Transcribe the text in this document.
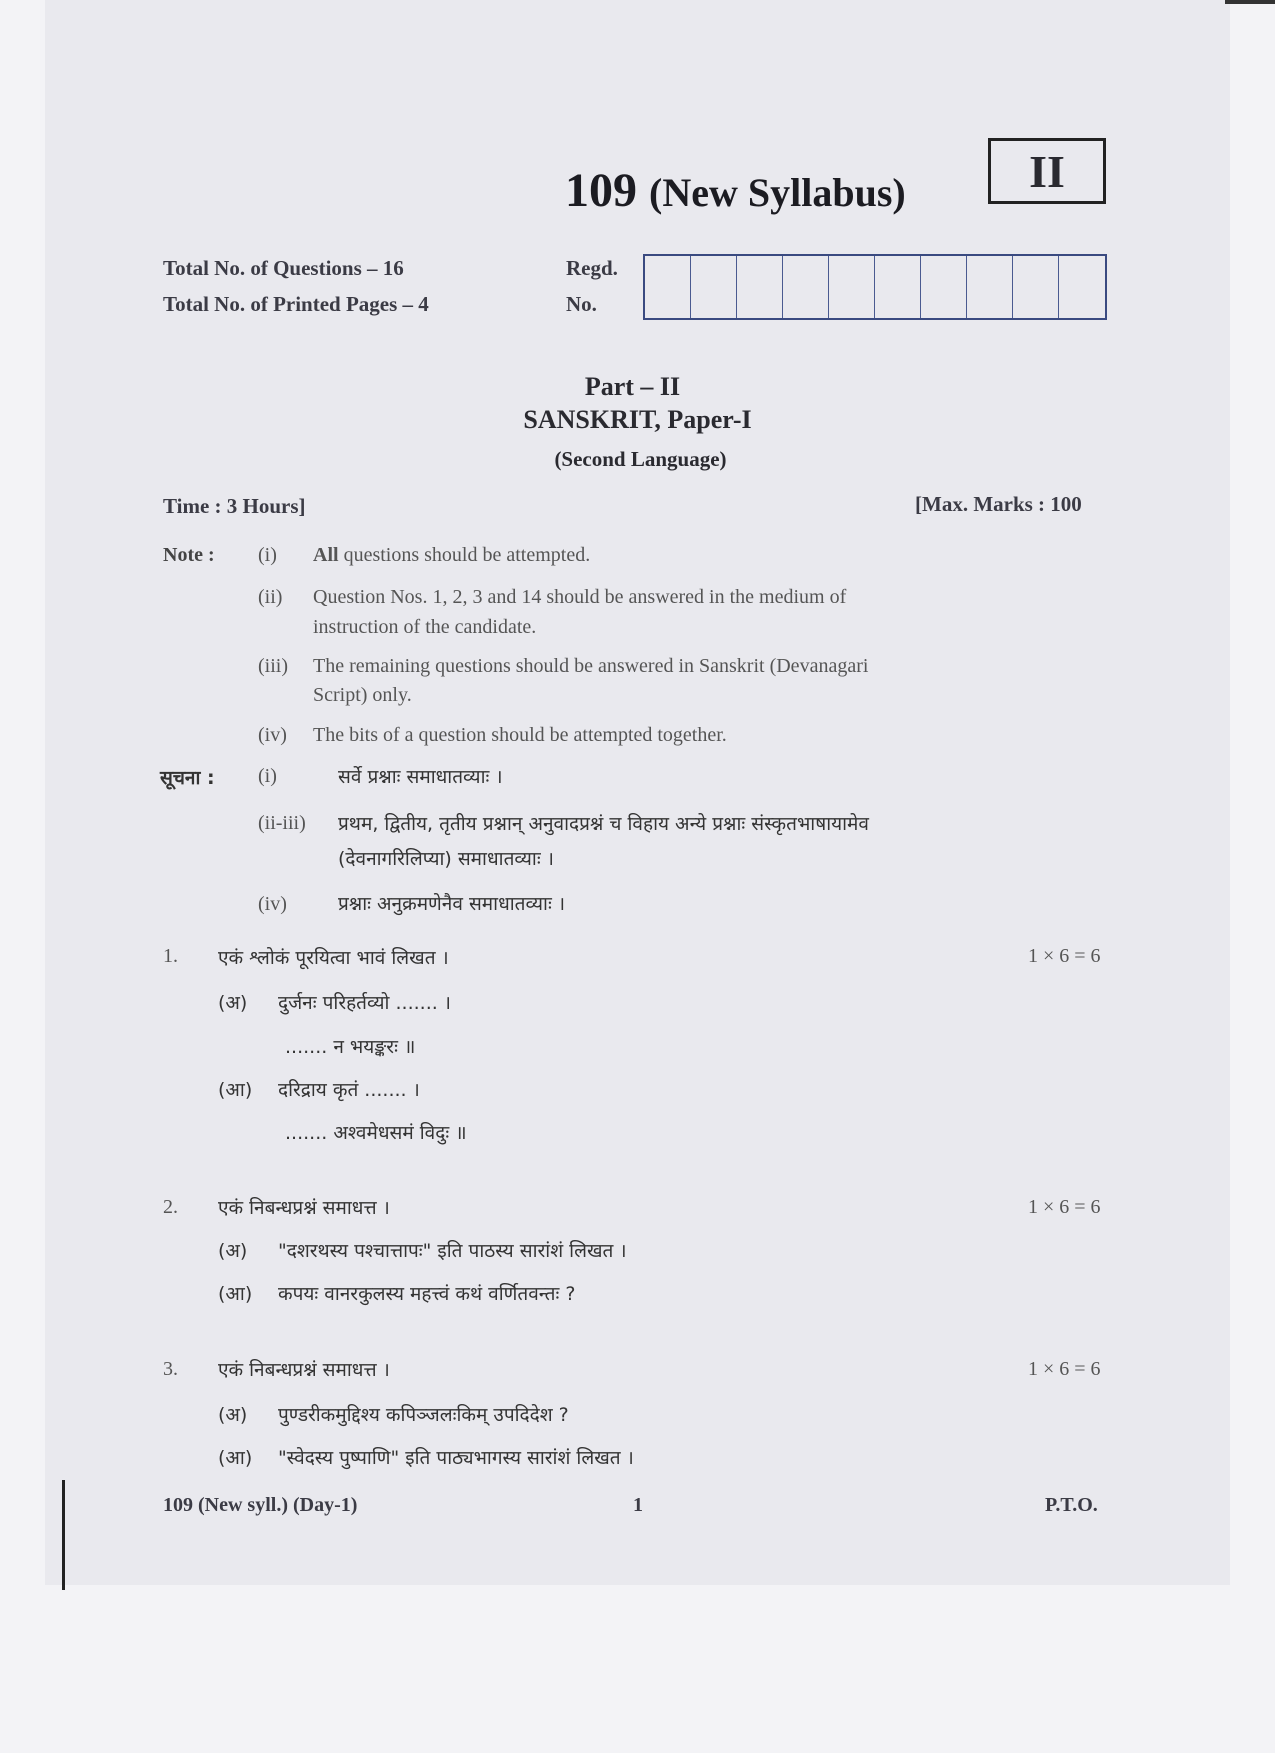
109 (New Syllabus)	II
Total No. of Questions – 16
Total No. of Printed Pages – 4
Regd.
No.
Part – II
SANSKRIT, Paper-I
(Second Language)
Time : 3 Hours]	[Max. Marks : 100
Note : (i) All questions should be attempted.
(ii) Question Nos. 1, 2, 3 and 14 should be answered in the medium of
instruction of the candidate.
(iii) The remaining questions should be answered in Sanskrit (Devanagari
Script) only.
(iv) The bits of a question should be attempted together.
सूचना : (i)	सर्वे प्रश्नाः समाधातव्याः ।
(ii-iii) प्रथम, द्वितीय, तृतीय प्रश्नान् अनुवादप्रश्नं च विहाय अन्ये प्रश्नाः संस्कृतभाषायामेव
(देवनागरिलिप्या) समाधातव्याः ।
(iv)	प्रश्नाः अनुक्रमणेनैव समाधातव्याः ।
1. एकं श्लोकं पूरयित्वा भावं लिखत ।	1 × 6 = 6
(अ) दुर्जनः परिहर्तव्यो ....... ।
....... न भयङ्करः ॥
(आ) दरिद्राय कृतं ....... ।
....... अश्वमेधसमं विदुः ॥
2. एकं निबन्धप्रश्नं समाधत्त ।	1 × 6 = 6
(अ) "दशरथस्य पश्चात्तापः" इति पाठस्य सारांशं लिखत ।
(आ) कपयः वानरकुलस्य महत्त्वं कथं वर्णितवन्तः ?
3. एकं निबन्धप्रश्नं समाधत्त ।	1 × 6 = 6
(अ) पुण्डरीकमुद्दिश्य कपिञ्जलःकिम् उपदिदेश ?
(आ) "स्वेदस्य पुष्पाणि" इति पाठ्यभागस्य सारांशं लिखत ।
109 (New syll.) (Day-1)	1	P.T.O.
